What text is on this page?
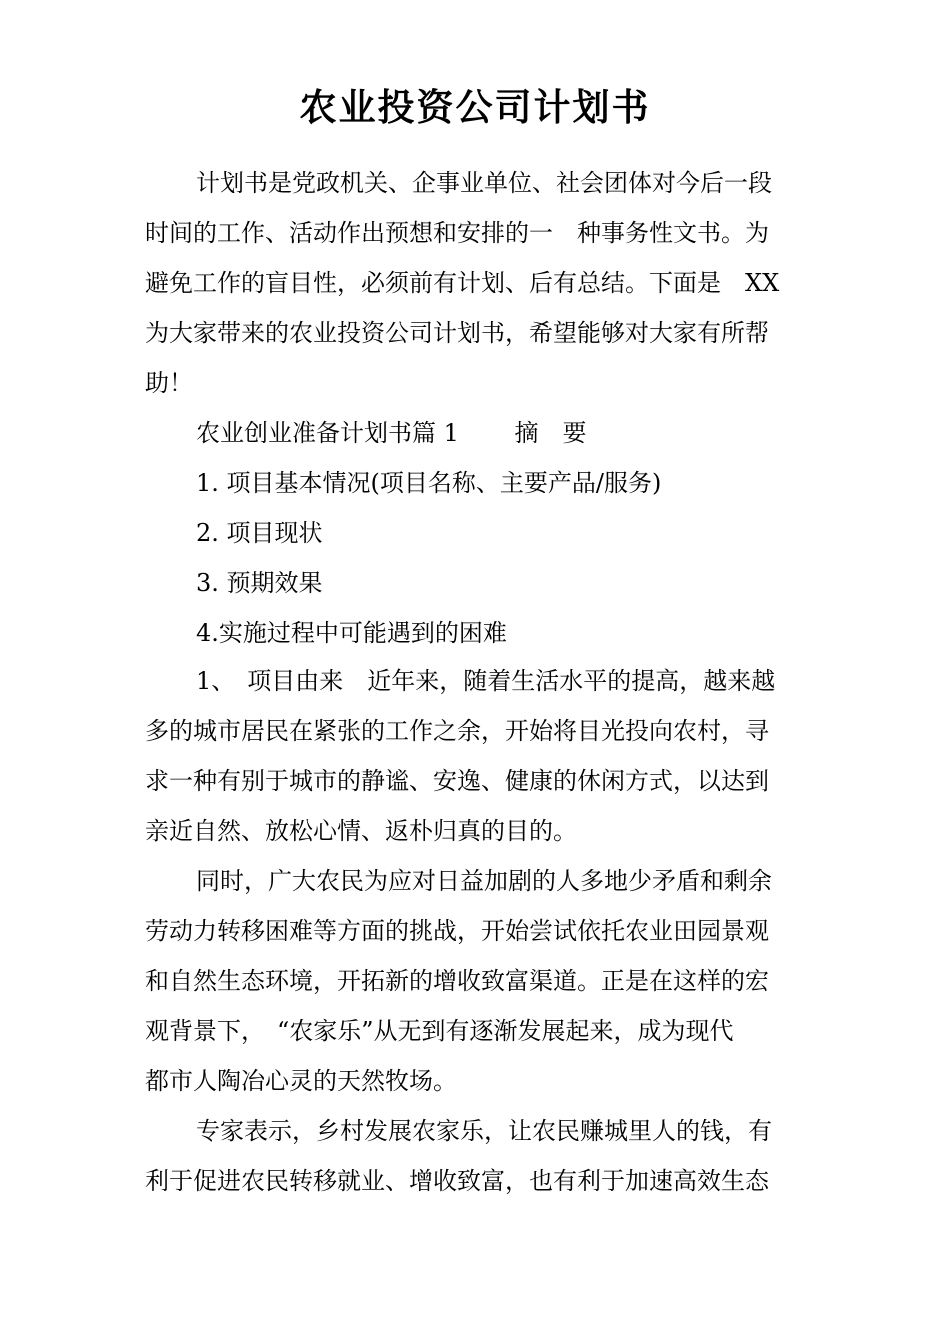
农业投资公司计划书

计划书是党政机关、企事业单位、社会团体对今后一段

时间的工作、活动作出预想和安排的一　种事务性文书。为

避免工作的盲目性，必须前有计划、后有总结。下面是　XX

为大家带来的农业投资公司计划书，希望能够对大家有所帮

助！

农业创业准备计划书篇 1　　 摘　要

1. 项目基本情况(项目名称、主要产品/服务)

2. 项目现状

3. 预期效果

4.实施过程中可能遇到的困难

1、　项目由来　近年来，随着生活水平的提高，越来越

多的城市居民在紧张的工作之余，开始将目光投向农村，寻

求一种有别于城市的静谧、安逸、健康的休闲方式，以达到

亲近自然、放松心情、返朴归真的目的。

同时，广大农民为应对日益加剧的人多地少矛盾和剩余

劳动力转移困难等方面的挑战，开始尝试依托农业田园景观

和自然生态环境，开拓新的增收致富渠道。正是在这样的宏

观背景下，　“农家乐”从无到有逐渐发展起来，成为现代

都市人陶冶心灵的天然牧场。

专家表示，乡村发展农家乐，让农民赚城里人的钱，有

利于促进农民转移就业、增收致富，也有利于加速高效生态
